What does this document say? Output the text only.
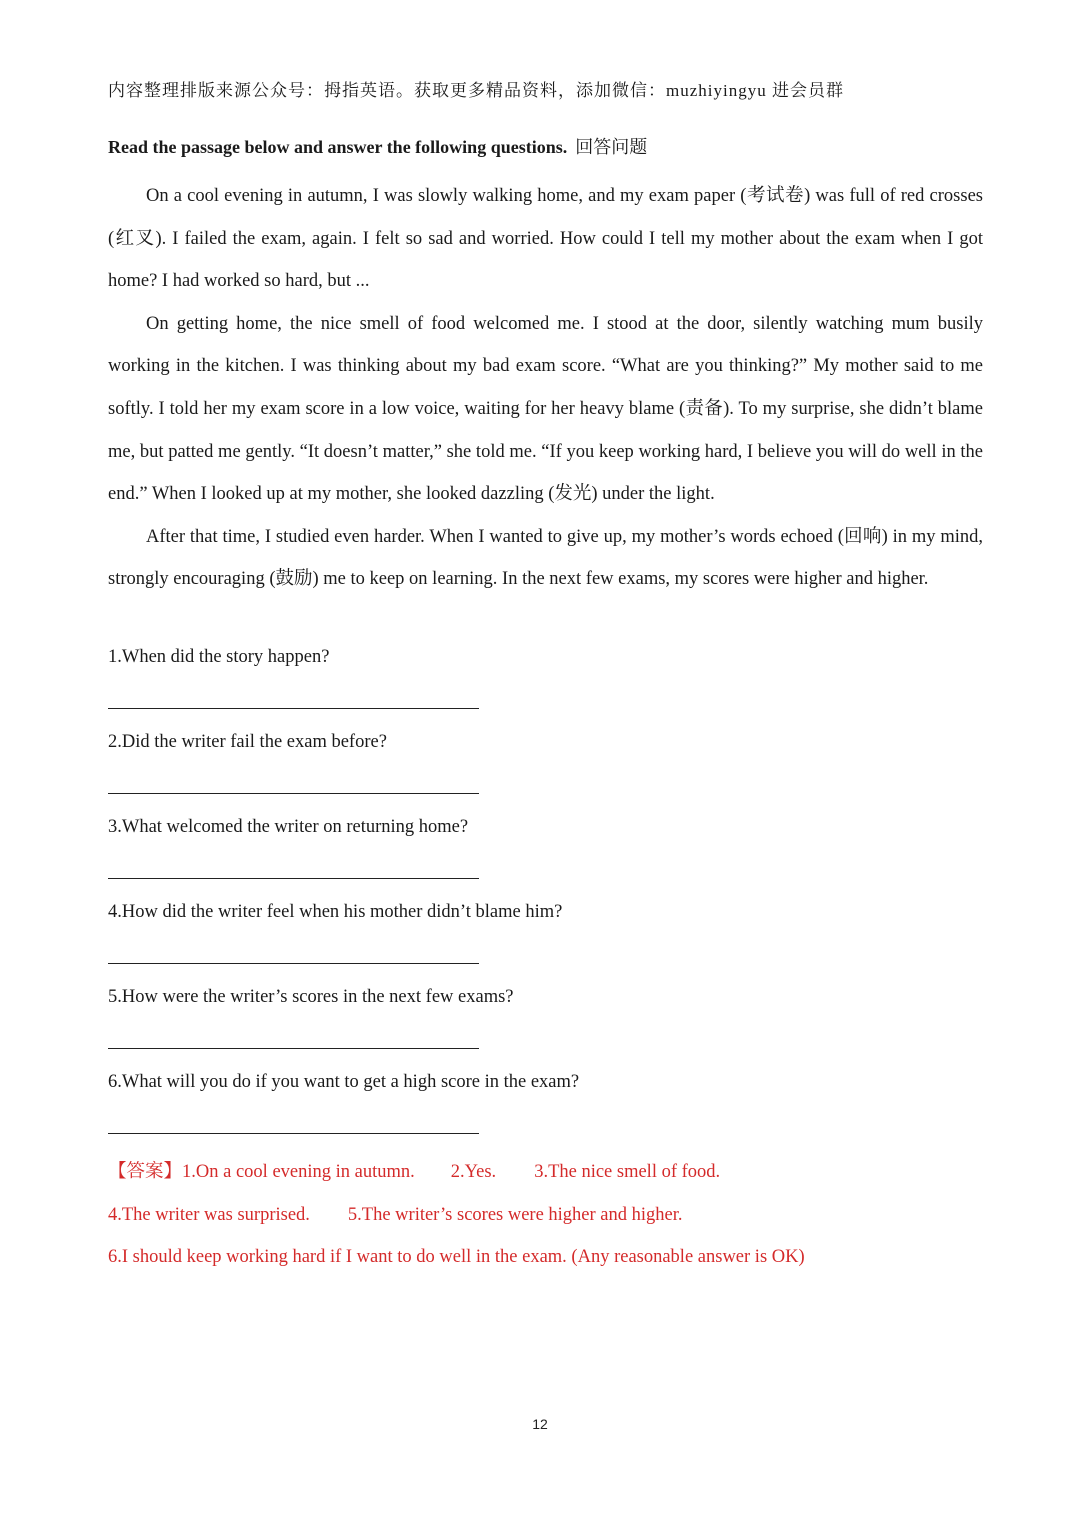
内容整理排版来源公众号：拇指英语。获取更多精品资料，添加微信：muzhiyingyu 进会员群
Read the passage below and answer the following questions. 回答问题

On a cool evening in autumn, I was slowly walking home, and my exam paper (考试卷) was full of red crosses (红叉). I failed the exam, again. I felt so sad and worried. How could I tell my mother about the exam when I got home? I had worked so hard, but ...

On getting home, the nice smell of food welcomed me. I stood at the door, silently watching mum busily working in the kitchen. I was thinking about my bad exam score. “What are you thinking?” My mother said to me softly. I told her my exam score in a low voice, waiting for her heavy blame (责备). To my surprise, she didn’t blame me, but patted me gently. “It doesn’t matter,” she told me. “If you keep working hard, I believe you will do well in the end.” When I looked up at my mother, she looked dazzling (发光) under the light.

After that time, I studied even harder. When I wanted to give up, my mother’s words echoed (回响) in my mind, strongly encouraging (鼓励) me to keep on learning. In the next few exams, my scores were higher and higher.

1.When did the story happen?
2.Did the writer fail the exam before?
3.What welcomed the writer on returning home?
4.How did the writer feel when his mother didn’t blame him?
5.How were the writer’s scores in the next few exams?
6.What will you do if you want to get a high score in the exam?
【答案】1.On a cool evening in autumn. 2.Yes. 3.The nice smell of food.
4.The writer was surprised. 5.The writer’s scores were higher and higher.
6.I should keep working hard if I want to do well in the exam. (Any reasonable answer is OK)
12
